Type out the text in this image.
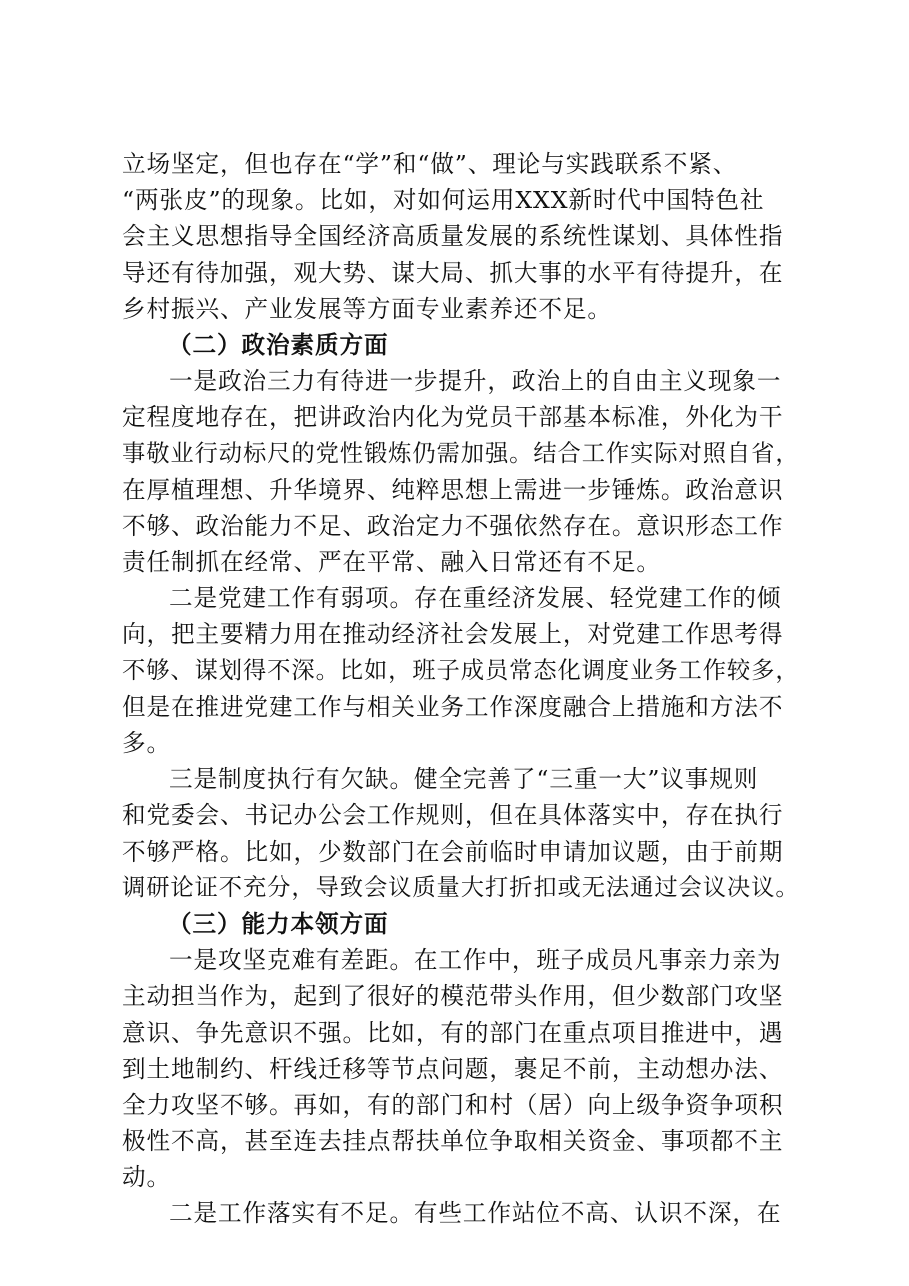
立场坚定，但也存在“学”和“做”、理论与实践联系不紧、
“两张皮”的现象。比如，对如何运用XXX新时代中国特色社
会主义思想指导全国经济高质量发展的系统性谋划、具体性指
导还有待加强，观大势、谋大局、抓大事的水平有待提升，在
乡村振兴、产业发展等方面专业素养还不足。
（二）政治素质方面
一是政治三力有待进一步提升，政治上的自由主义现象一
定程度地存在，把讲政治内化为党员干部基本标准，外化为干
事敬业行动标尺的党性锻炼仍需加强。结合工作实际对照自省，
在厚植理想、升华境界、纯粹思想上需进一步锤炼。政治意识
不够、政治能力不足、政治定力不强依然存在。意识形态工作
责任制抓在经常、严在平常、融入日常还有不足。
二是党建工作有弱项。存在重经济发展、轻党建工作的倾
向，把主要精力用在推动经济社会发展上，对党建工作思考得
不够、谋划得不深。比如，班子成员常态化调度业务工作较多，
但是在推进党建工作与相关业务工作深度融合上措施和方法不
多。
三是制度执行有欠缺。健全完善了“三重一大”议事规则
和党委会、书记办公会工作规则，但在具体落实中，存在执行
不够严格。比如，少数部门在会前临时申请加议题，由于前期
调研论证不充分，导致会议质量大打折扣或无法通过会议决议。
（三）能力本领方面
一是攻坚克难有差距。在工作中，班子成员凡事亲力亲为
主动担当作为，起到了很好的模范带头作用，但少数部门攻坚
意识、争先意识不强。比如，有的部门在重点项目推进中，遇
到土地制约、杆线迁移等节点问题，裹足不前，主动想办法、
全力攻坚不够。再如，有的部门和村（居）向上级争资争项积
极性不高，甚至连去挂点帮扶单位争取相关资金、事项都不主
动。
二是工作落实有不足。有些工作站位不高、认识不深，在
